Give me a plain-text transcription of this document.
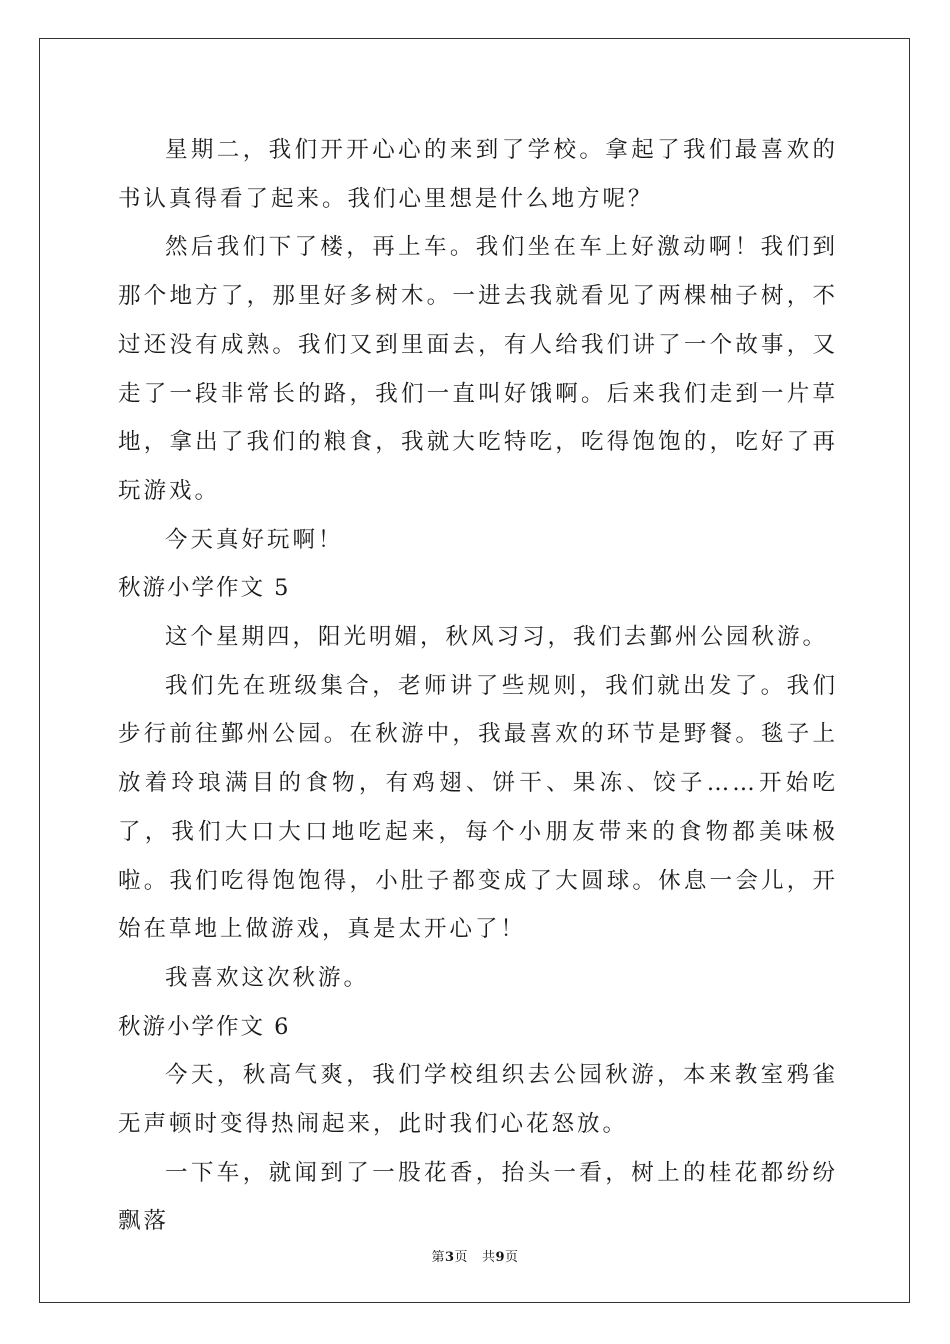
星期二，我们开开心心的来到了学校。拿起了我们最喜欢的书认真得看了起来。我们心里想是什么地方呢？

然后我们下了楼，再上车。我们坐在车上好激动啊！我们到那个地方了，那里好多树木。一进去我就看见了两棵柚子树，不过还没有成熟。我们又到里面去，有人给我们讲了一个故事，又走了一段非常长的路，我们一直叫好饿啊。后来我们走到一片草地，拿出了我们的粮食，我就大吃特吃，吃得饱饱的，吃好了再玩游戏。

今天真好玩啊！

秋游小学作文 5

这个星期四，阳光明媚，秋风习习，我们去鄞州公园秋游。

我们先在班级集合，老师讲了些规则，我们就出发了。我们步行前往鄞州公园。在秋游中，我最喜欢的环节是野餐。毯子上放着玲琅满目的食物，有鸡翅、饼干、果冻、饺子……开始吃了，我们大口大口地吃起来，每个小朋友带来的食物都美味极啦。我们吃得饱饱得，小肚子都变成了大圆球。休息一会儿，开始在草地上做游戏，真是太开心了！

我喜欢这次秋游。

秋游小学作文 6

今天，秋高气爽，我们学校组织去公园秋游，本来教室鸦雀无声顿时变得热闹起来，此时我们心花怒放。

一下车，就闻到了一股花香，抬头一看，树上的桂花都纷纷飘落

第3页 共9页
